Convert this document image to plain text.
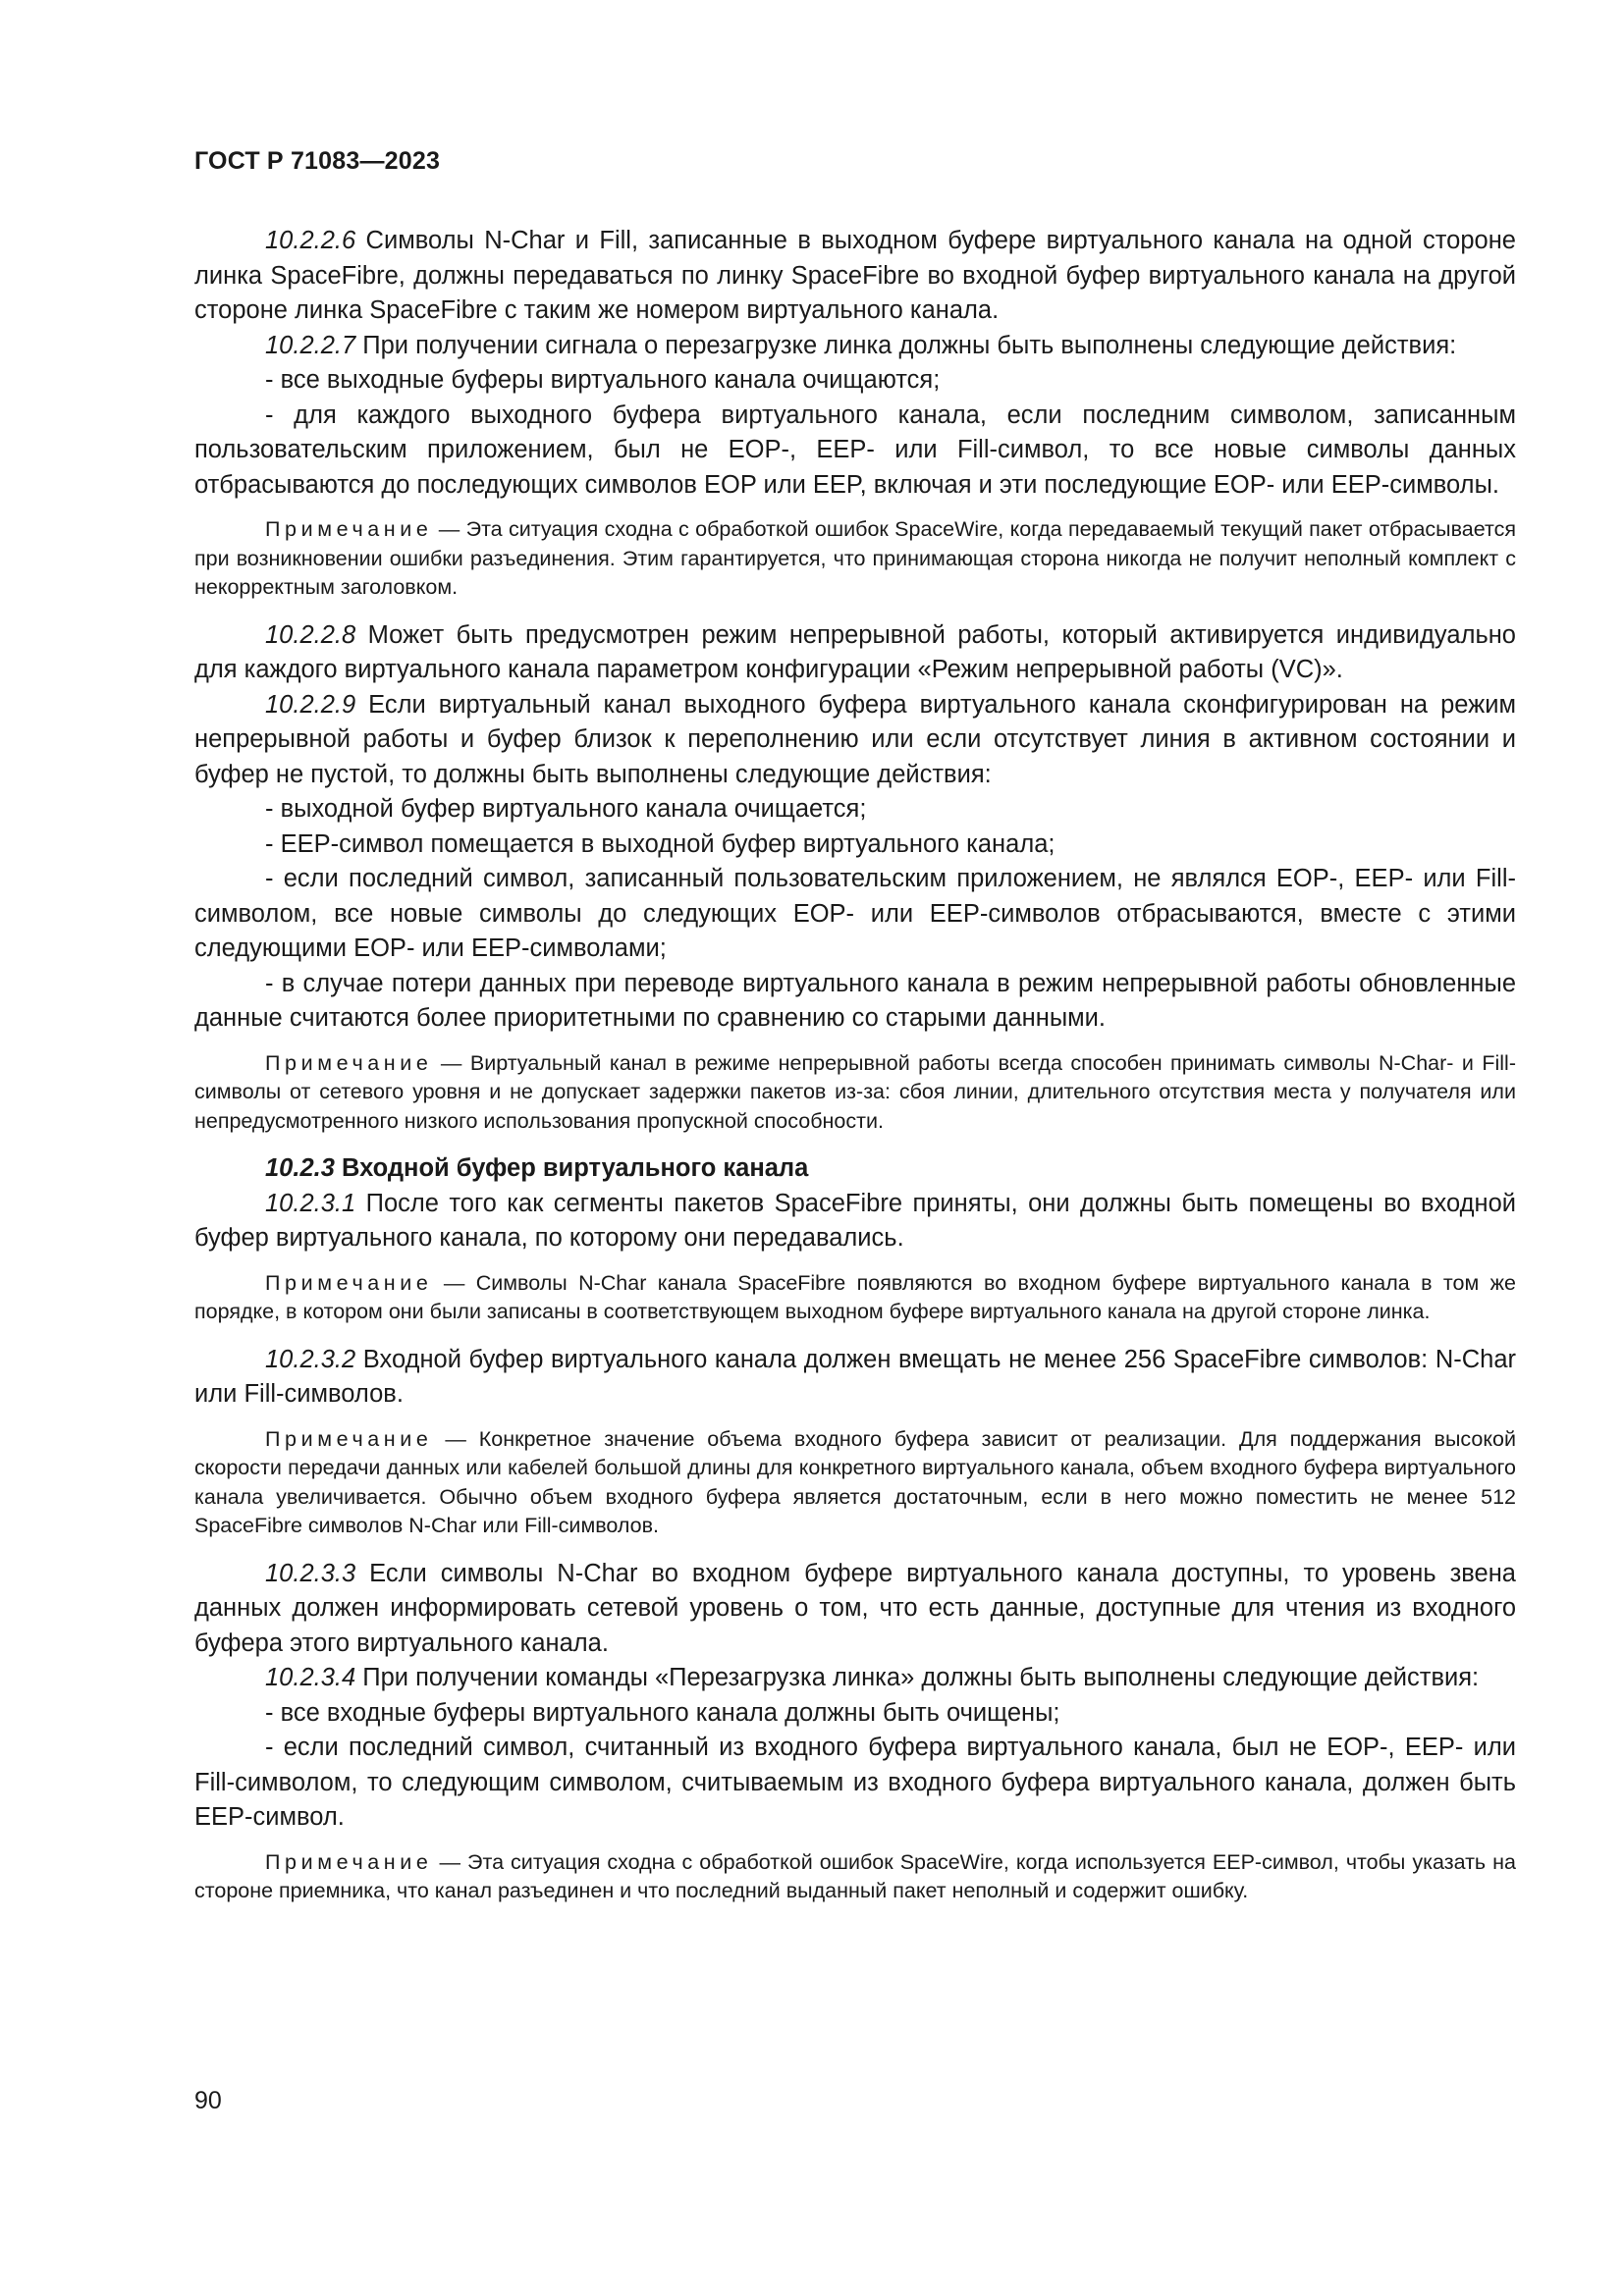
ГОСТ Р 71083—2023

10.2.2.6 Символы N-Char и Fill, записанные в выходном буфере виртуального канала на одной стороне линка SpaceFibre, должны передаваться по линку SpaceFibre во входной буфер виртуального канала на другой стороне линка SpaceFibre с таким же номером виртуального канала.

10.2.2.7 При получении сигнала о перезагрузке линка должны быть выполнены следующие действия:

- все выходные буферы виртуального канала очищаются;

- для каждого выходного буфера виртуального канала, если последним символом, записанным пользовательским приложением, был не EOP-, EEP- или Fill-символ, то все новые символы данных отбрасываются до последующих символов EOP или EEP, включая и эти последующие EOP- или EEP-символы.

Примечание — Эта ситуация сходна с обработкой ошибок SpaceWire, когда передаваемый текущий пакет отбрасывается при возникновении ошибки разъединения. Этим гарантируется, что принимающая сторона никогда не получит неполный комплект с некорректным заголовком.

10.2.2.8 Может быть предусмотрен режим непрерывной работы, который активируется индивидуально для каждого виртуального канала параметром конфигурации «Режим непрерывной работы (VC)».

10.2.2.9 Если виртуальный канал выходного буфера виртуального канала сконфигурирован на режим непрерывной работы и буфер близок к переполнению или если отсутствует линия в активном состоянии и буфер не пустой, то должны быть выполнены следующие действия:

- выходной буфер виртуального канала очищается;

- EEP-символ помещается в выходной буфер виртуального канала;

- если последний символ, записанный пользовательским приложением, не являлся EOP-, EEP- или Fill-символом, все новые символы до следующих EOP- или EEP-символов отбрасываются, вместе с этими следующими EOP- или EEP-символами;

- в случае потери данных при переводе виртуального канала в режим непрерывной работы обновленные данные считаются более приоритетными по сравнению со старыми данными.

Примечание — Виртуальный канал в режиме непрерывной работы всегда способен принимать символы N-Char- и Fill-символы от сетевого уровня и не допускает задержки пакетов из-за: сбоя линии, длительного отсутствия места у получателя или непредусмотренного низкого использования пропускной способности.

10.2.3 Входной буфер виртуального канала

10.2.3.1 После того как сегменты пакетов SpaceFibre приняты, они должны быть помещены во входной буфер виртуального канала, по которому они передавались.

Примечание — Символы N-Char канала SpaceFibre появляются во входном буфере виртуального канала в том же порядке, в котором они были записаны в соответствующем выходном буфере виртуального канала на другой стороне линка.

10.2.3.2 Входной буфер виртуального канала должен вмещать не менее 256 SpaceFibre символов: N-Char или Fill-символов.

Примечание — Конкретное значение объема входного буфера зависит от реализации. Для поддержания высокой скорости передачи данных или кабелей большой длины для конкретного виртуального канала, объем входного буфера виртуального канала увеличивается. Обычно объем входного буфера является достаточным, если в него можно поместить не менее 512 SpaceFibre символов N-Char или Fill-символов.

10.2.3.3 Если символы N-Char во входном буфере виртуального канала доступны, то уровень звена данных должен информировать сетевой уровень о том, что есть данные, доступные для чтения из входного буфера этого виртуального канала.

10.2.3.4 При получении команды «Перезагрузка линка» должны быть выполнены следующие действия:

- все входные буферы виртуального канала должны быть очищены;

- если последний символ, считанный из входного буфера виртуального канала, был не EOP-, EEP- или Fill-символом, то следующим символом, считываемым из входного буфера виртуального канала, должен быть EEP-символ.

Примечание — Эта ситуация сходна с обработкой ошибок SpaceWire, когда используется EEP-символ, чтобы указать на стороне приемника, что канал разъединен и что последний выданный пакет неполный и содержит ошибку.

90
